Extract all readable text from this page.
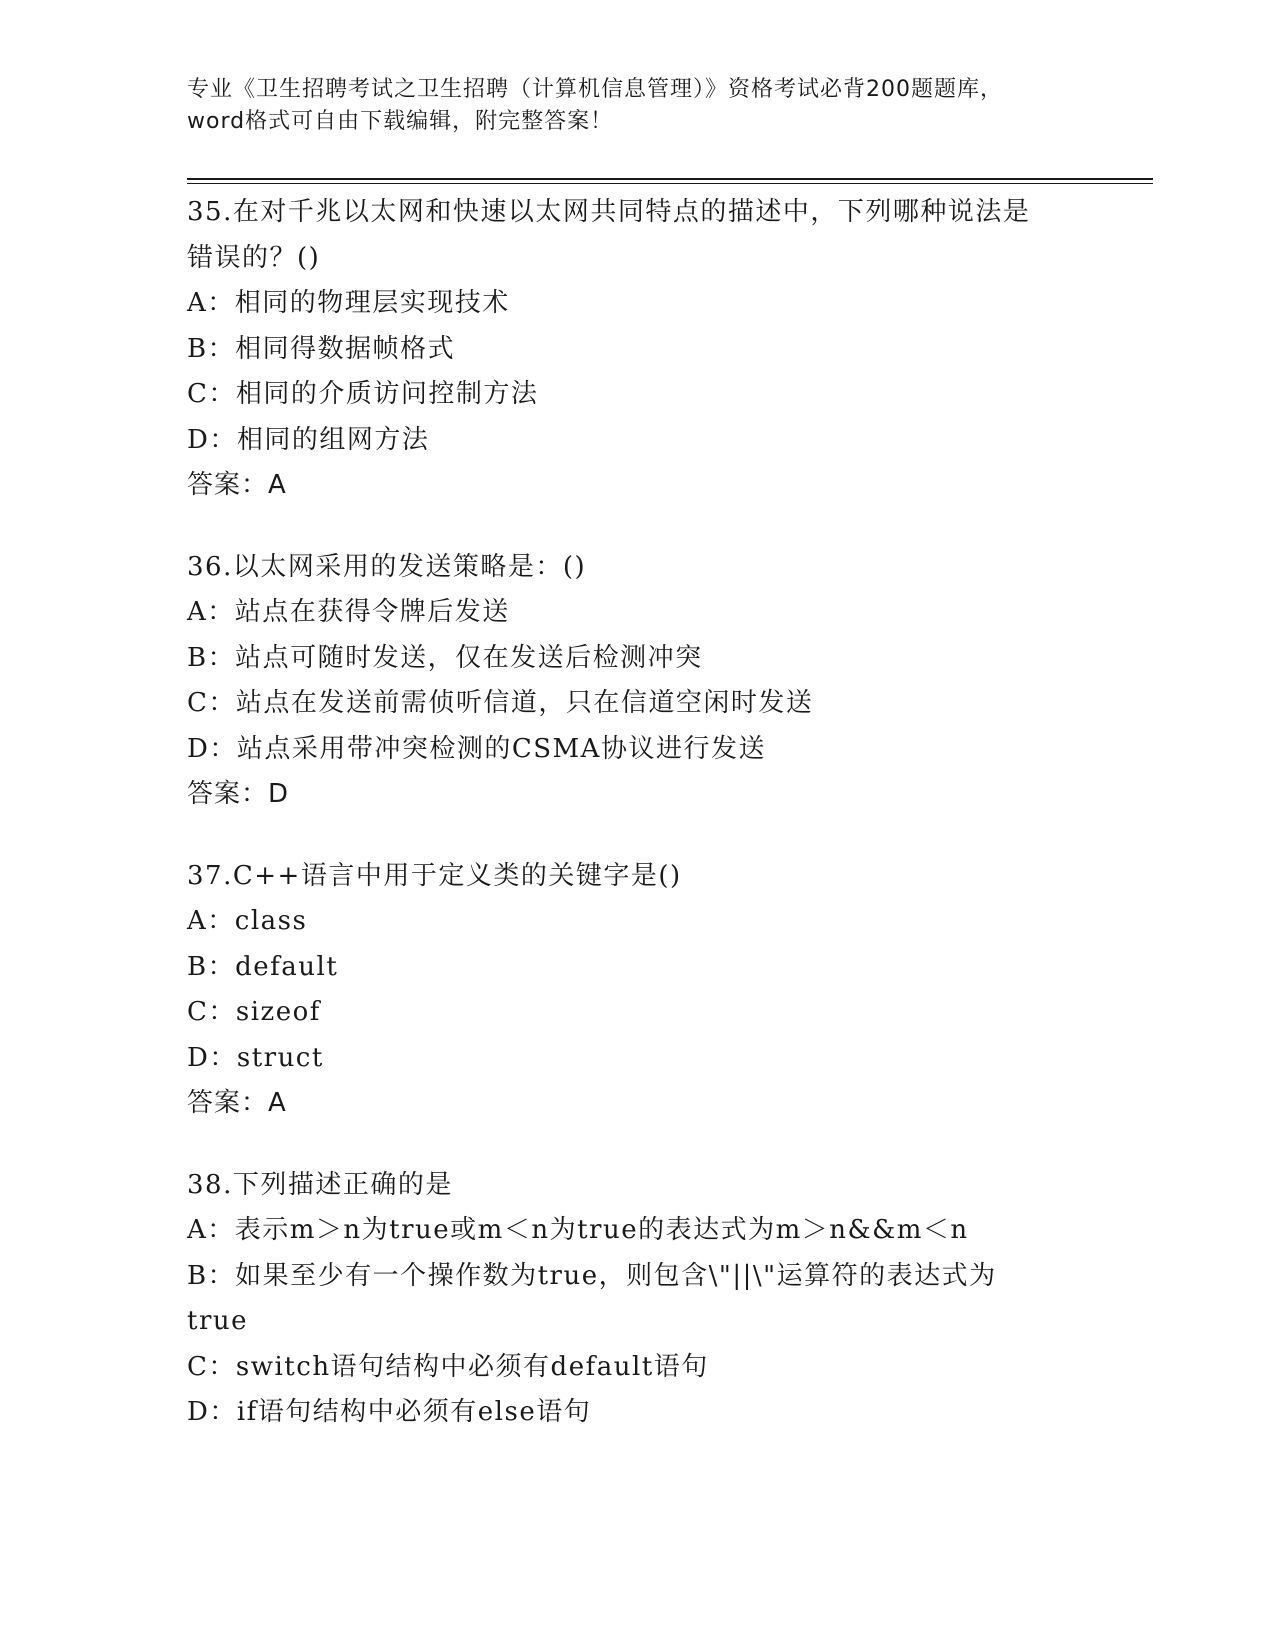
专业《卫生招聘考试之卫生招聘（计算机信息管理）》资格考试必背200题题库，
word格式可自由下载编辑，附完整答案！
35.在对千兆以太网和快速以太网共同特点的描述中，下列哪种说法是
错误的？()
A：相同的物理层实现技术
B：相同得数据帧格式
C：相同的介质访问控制方法
D：相同的组网方法
答案：A
36.以太网采用的发送策略是：()
A：站点在获得令牌后发送
B：站点可随时发送，仅在发送后检测冲突
C：站点在发送前需侦听信道，只在信道空闲时发送
D：站点采用带冲突检测的CSMA协议进行发送
答案：D
37.C++语言中用于定义类的关键字是()
A：class
B：default
C：sizeof
D：struct
答案：A
38.下列描述正确的是
A：表示m＞n为true或m＜n为true的表达式为m＞n&&m＜n
B：如果至少有一个操作数为true，则包含\"||\"运算符的表达式为
true
C：switch语句结构中必须有default语句
D：if语句结构中必须有else语句
